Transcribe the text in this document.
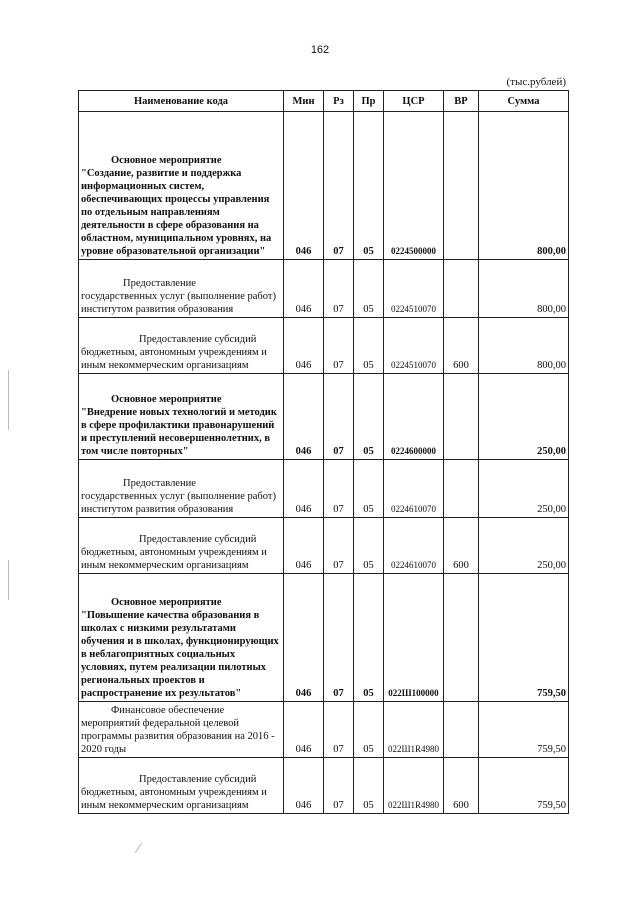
162
(тыс.рублей)
Наименование кода	Мин	Рз	Пр	ЦСР	ВР	Сумма

Основное мероприятие
"Создание, развитие и поддержка информационных систем, обеспечивающих процессы управления по отдельным направлениям деятельности в сфере образования на областном, муниципальном уровнях, на уровне образовательной организации"	046	07	05	0224500000		800,00

Предоставление
государственных услуг (выполнение работ) институтом развития образования	046	07	05	0224510070		800,00

Предоставление субсидий
бюджетным, автономным учреждениям и иным некоммерческим организациям	046	07	05	0224510070	600	800,00

Основное мероприятие
"Внедрение новых технологий и методик в сфере профилактики правонарушений и преступлений несовершеннолетних, в том числе повторных"	046	07	05	0224600000		250,00

Предоставление
государственных услуг (выполнение работ) институтом развития образования	046	07	05	0224610070		250,00

Предоставление субсидий
бюджетным, автономным учреждениям и иным некоммерческим организациям	046	07	05	0224610070	600	250,00

Основное мероприятие
"Повышение качества образования в школах с низкими результатами обучения и в школах, функционирующих в неблагоприятных социальных условиях, путем реализации пилотных региональных проектов и распространение их результатов"	046	07	05	022Ш100000		759,50

Финансовое обеспечение
мероприятий федеральной целевой программы развития образования на 2016 - 2020 годы	046	07	05	022Ш1R4980		759,50

Предоставление субсидий
бюджетным, автономным учреждениям и иным некоммерческим организациям	046	07	05	022Ш1R4980	600	759,50
